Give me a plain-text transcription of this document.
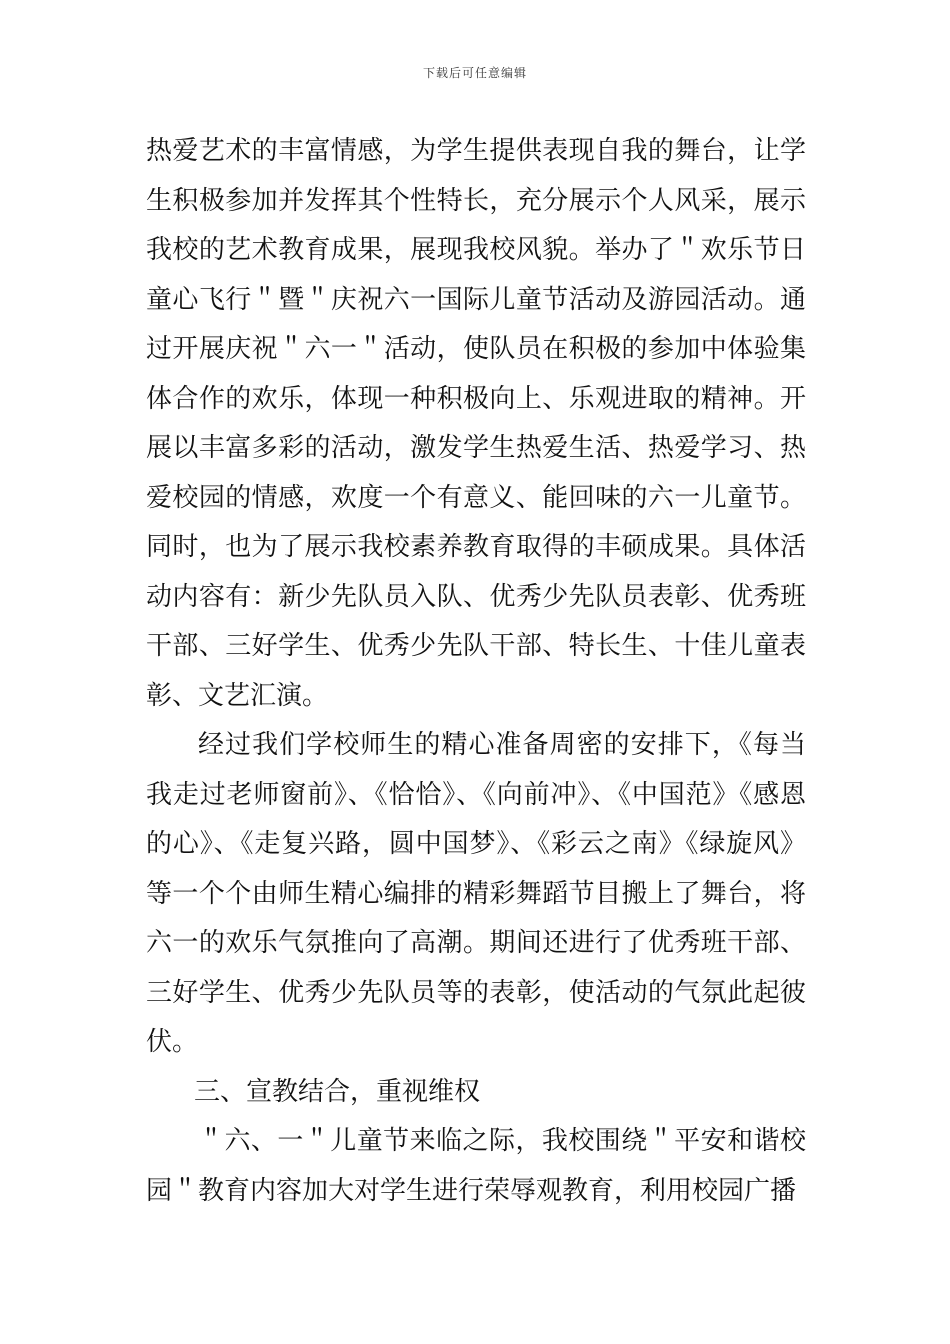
下载后可任意编辑

热爱艺术的丰富情感，为学生提供表现自我的舞台，让学生积极参加并发挥其个性特长，充分展示个人风采，展示我校的艺术教育成果，展现我校风貌。举办了＂欢乐节日童心飞行＂暨＂庆祝六一国际儿童节活动及游园活动。通过开展庆祝＂六一＂活动，使队员在积极的参加中体验集体合作的欢乐，体现一种积极向上、乐观进取的精神。开展以丰富多彩的活动，激发学生热爱生活、热爱学习、热爱校园的情感，欢度一个有意义、能回味的六一儿童节。同时，也为了展示我校素养教育取得的丰硕成果。具体活动内容有：新少先队员入队、优秀少先队员表彰、优秀班干部、三好学生、优秀少先队干部、特长生、十佳儿童表彰、文艺汇演。

经过我们学校师生的精心准备周密的安排下，《每当我走过老师窗前》、《恰恰》、《向前冲》、《中国范》《感恩的心》、《走复兴路，圆中国梦》、《彩云之南》《绿旋风》等一个个由师生精心编排的精彩舞蹈节目搬上了舞台，将六一的欢乐气氛推向了高潮。期间还进行了优秀班干部、三好学生、优秀少先队员等的表彰，使活动的气氛此起彼伏。

三、宣教结合，重视维权

＂六、一＂儿童节来临之际，我校围绕＂平安和谐校园＂教育内容加大对学生进行荣辱观教育，利用校园广播
